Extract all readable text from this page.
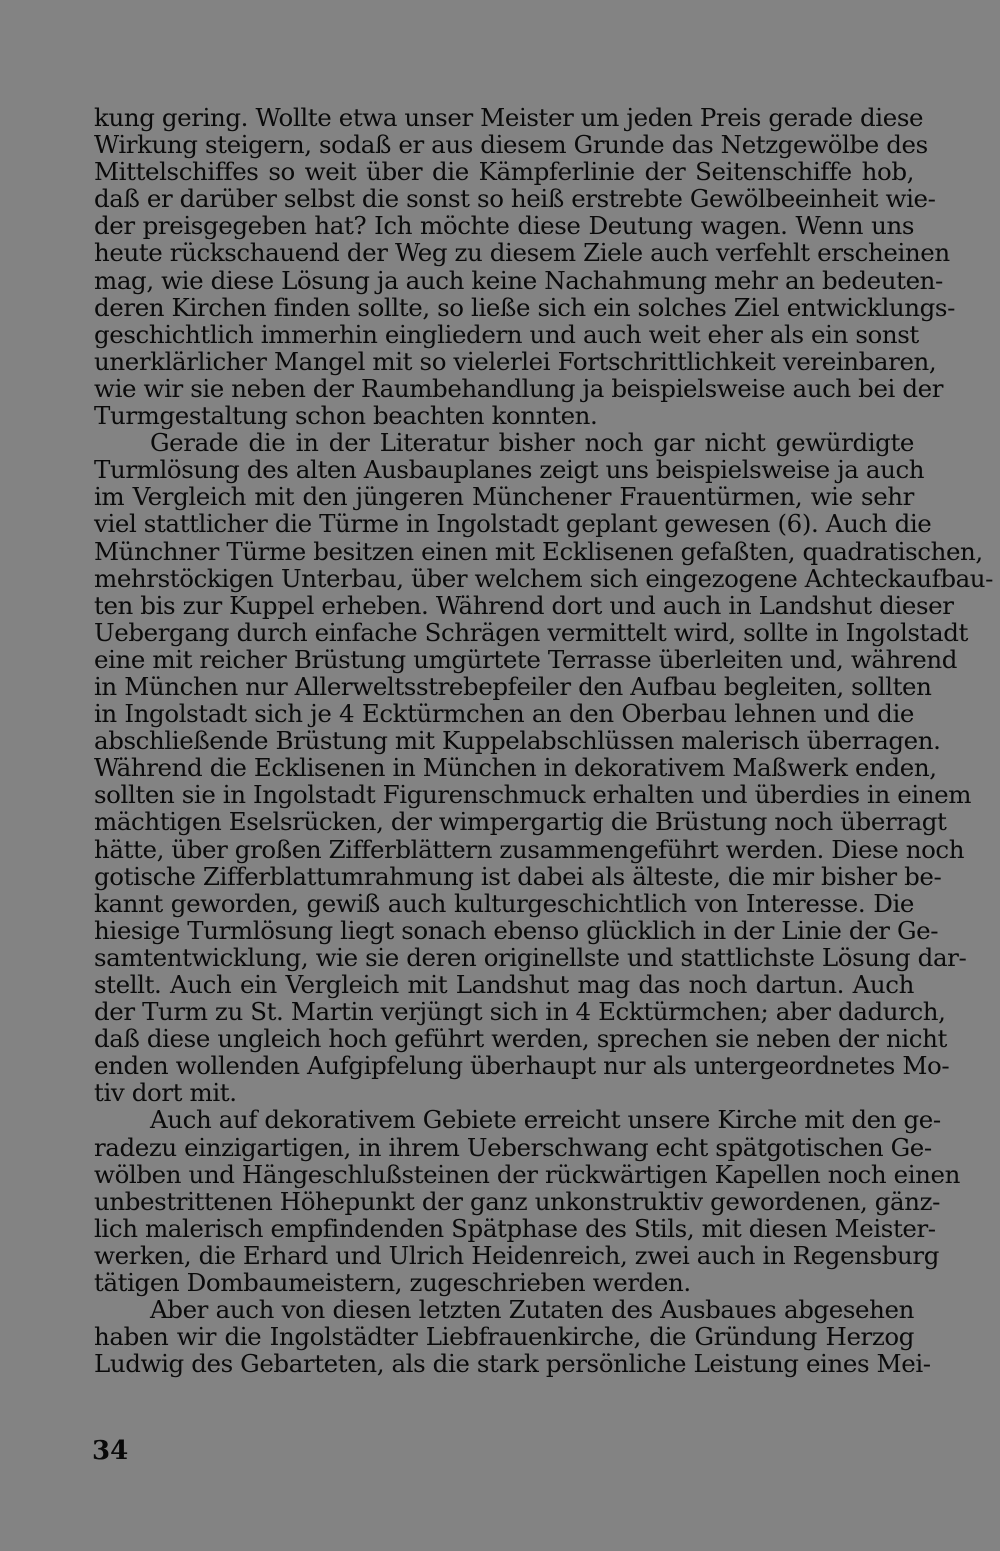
kung gering. Wollte etwa unser Meister um jeden Preis gerade diese
Wirkung steigern, sodaß er aus diesem Grunde das Netzgewölbe des
Mittelschiffes so weit über die Kämpferlinie der Seitenschiffe hob,
daß er darüber selbst die sonst so heiß erstrebte Gewölbeeinheit wie-
der preisgegeben hat? Ich möchte diese Deutung wagen. Wenn uns
heute rückschauend der Weg zu diesem Ziele auch verfehlt erscheinen
mag, wie diese Lösung ja auch keine Nachahmung mehr an bedeuten-
deren Kirchen finden sollte, so ließe sich ein solches Ziel entwicklungs-
geschichtlich immerhin eingliedern und auch weit eher als ein sonst
unerklärlicher Mangel mit so vielerlei Fortschrittlichkeit vereinbaren,
wie wir sie neben der Raumbehandlung ja beispielsweise auch bei der
Turmgestaltung schon beachten konnten.
Gerade die in der Literatur bisher noch gar nicht gewürdigte
Turmlösung des alten Ausbauplanes zeigt uns beispielsweise ja auch
im Vergleich mit den jüngeren Münchener Frauentürmen, wie sehr
viel stattlicher die Türme in Ingolstadt geplant gewesen (6). Auch die
Münchner Türme besitzen einen mit Ecklisenen gefaßten, quadratischen,
mehrstöckigen Unterbau, über welchem sich eingezogene Achteckaufbau-
ten bis zur Kuppel erheben. Während dort und auch in Landshut dieser
Uebergang durch einfache Schrägen vermittelt wird, sollte in Ingolstadt
eine mit reicher Brüstung umgürtete Terrasse überleiten und, während
in München nur Allerweltsstrebepfeiler den Aufbau begleiten, sollten
in Ingolstadt sich je 4 Ecktürmchen an den Oberbau lehnen und die
abschließende Brüstung mit Kuppelabschlüssen malerisch überragen.
Während die Ecklisenen in München in dekorativem Maßwerk enden,
sollten sie in Ingolstadt Figurenschmuck erhalten und überdies in einem
mächtigen Eselsrücken, der wimpergartig die Brüstung noch überragt
hätte, über großen Zifferblättern zusammengeführt werden. Diese noch
gotische Zifferblattumrahmung ist dabei als älteste, die mir bisher be-
kannt geworden, gewiß auch kulturgeschichtlich von Interesse. Die
hiesige Turmlösung liegt sonach ebenso glücklich in der Linie der Ge-
samtentwicklung, wie sie deren originellste und stattlichste Lösung dar-
stellt. Auch ein Vergleich mit Landshut mag das noch dartun. Auch
der Turm zu St. Martin verjüngt sich in 4 Ecktürmchen; aber dadurch,
daß diese ungleich hoch geführt werden, sprechen sie neben der nicht
enden wollenden Aufgipfelung überhaupt nur als untergeordnetes Mo-
tiv dort mit.
Auch auf dekorativem Gebiete erreicht unsere Kirche mit den ge-
radezu einzigartigen, in ihrem Ueberschwang echt spätgotischen Ge-
wölben und Hängeschlußsteinen der rückwärtigen Kapellen noch einen
unbestrittenen Höhepunkt der ganz unkonstruktiv gewordenen, gänz-
lich malerisch empfindenden Spätphase des Stils, mit diesen Meister-
werken, die Erhard und Ulrich Heidenreich, zwei auch in Regensburg
tätigen Dombaumeistern, zugeschrieben werden.
Aber auch von diesen letzten Zutaten des Ausbaues abgesehen
haben wir die Ingolstädter Liebfrauenkirche, die Gründung Herzog
Ludwig des Gebarteten, als die stark persönliche Leistung eines Mei-
34
